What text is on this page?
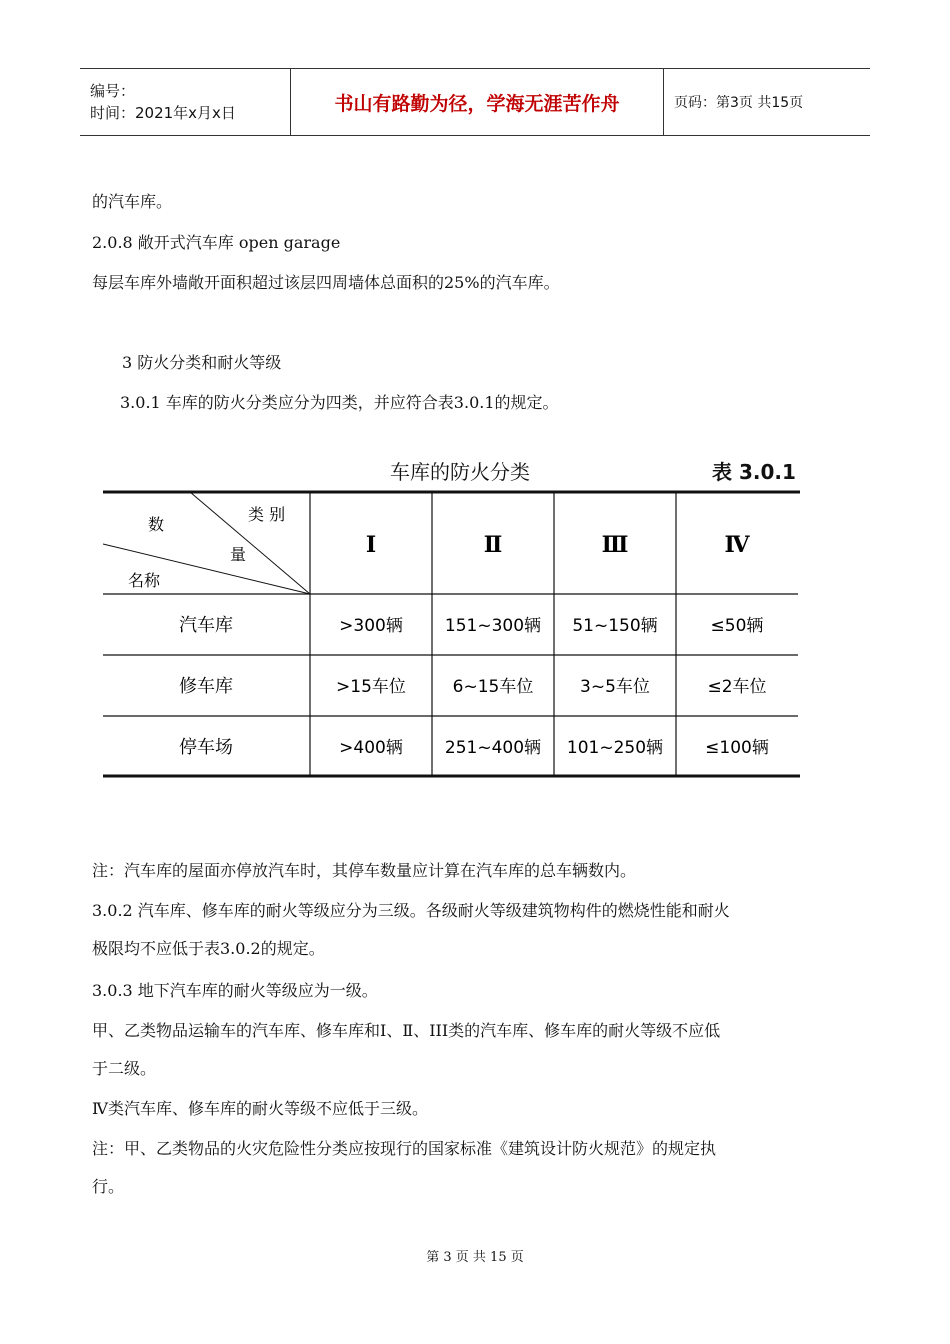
编号：
时间：2021年x月x日	书山有路勤为径，学海无涯苦作舟	页码：第3页 共15页
的汽车库。
2.0.8 敞开式汽车库 open garage
每层车库外墙敞开面积超过该层四周墙体总面积的25%的汽车库。
3 防火分类和耐火等级
3.0.1 车库的防火分类应分为四类，并应符合表3.0.1的规定。
车库的防火分类	表 3.0.1
类 别
数
量
名称
Ⅰ	Ⅱ	Ⅲ	Ⅳ
汽车库	>300辆 151~300辆 51~150辆	≤50辆
修车库	>15车位	6~15车位	3~5车位	≤2车位
停车场	>400辆 251~400辆 101~250辆 ≤100辆
注：汽车库的屋面亦停放汽车时，其停车数量应计算在汽车库的总车辆数内。
3.0.2 汽车库、修车库的耐火等级应分为三级。各级耐火等级建筑物构件的燃烧性能和耐火
极限均不应低于表3.0.2的规定。
3.0.3 地下汽车库的耐火等级应为一级。
甲、乙类物品运输车的汽车库、修车库和Ⅰ、Ⅱ、III类的汽车库、修车库的耐火等级不应低
于二级。
Ⅳ类汽车库、修车库的耐火等级不应低于三级。
注：甲、乙类物品的火灾危险性分类应按现行的国家标准《建筑设计防火规范》的规定执
行。
第 3 页 共 15 页
